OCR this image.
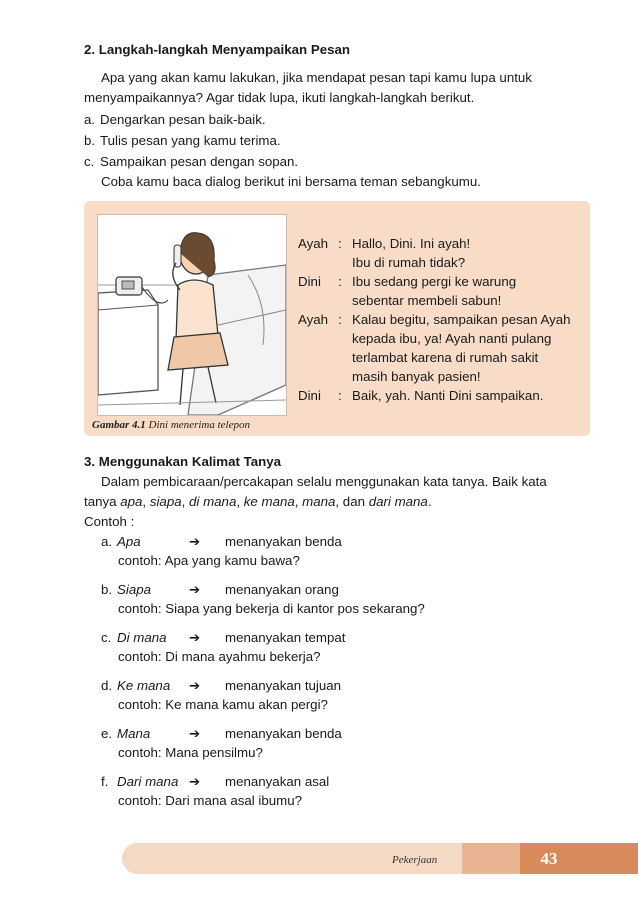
2. Langkah-langkah Menyampaikan Pesan
Apa yang akan kamu lakukan, jika mendapat pesan tapi kamu lupa untuk
menyampaikannya? Agar tidak lupa, ikuti langkah-langkah berikut.
a. Dengarkan pesan baik-baik.
b. Tulis pesan yang kamu terima.
c. Sampaikan pesan dengan sopan.
Coba kamu baca dialog berikut ini bersama teman sebangkumu.
Gambar 4.1 Dini menerima telepon
Ayah : Hallo, Dini. Ini ayah!
Ibu di rumah tidak?
Dini	: Ibu sedang pergi ke warung
sebentar membeli sabun!
Ayah : Kalau begitu, sampaikan pesan Ayah
kepada ibu, ya! Ayah nanti pulang
terlambat karena di rumah sakit
masih banyak pasien!
Dini	: Baik, yah. Nanti Dini sampaikan.
3. Menggunakan Kalimat Tanya
Dalam pembicaraan/percakapan selalu menggunakan kata tanya. Baik kata
tanya apa, siapa, di mana, ke mana, mana, dan dari mana.
Contoh :
a. Apa	➔	menanyakan benda
contoh: Apa yang kamu bawa?
b. Siapa	➔	menanyakan orang
contoh: Siapa yang bekerja di kantor pos sekarang?
c. Di mana	➔	menanyakan tempat
contoh: Di mana ayahmu bekerja?
d. Ke mana	➔	menanyakan tujuan
contoh: Ke mana kamu akan pergi?
e. Mana	➔	menanyakan benda
contoh: Mana pensilmu?
f. Dari mana ➔	menanyakan asal
contoh: Dari mana asal ibumu?
Pekerjaan	43
